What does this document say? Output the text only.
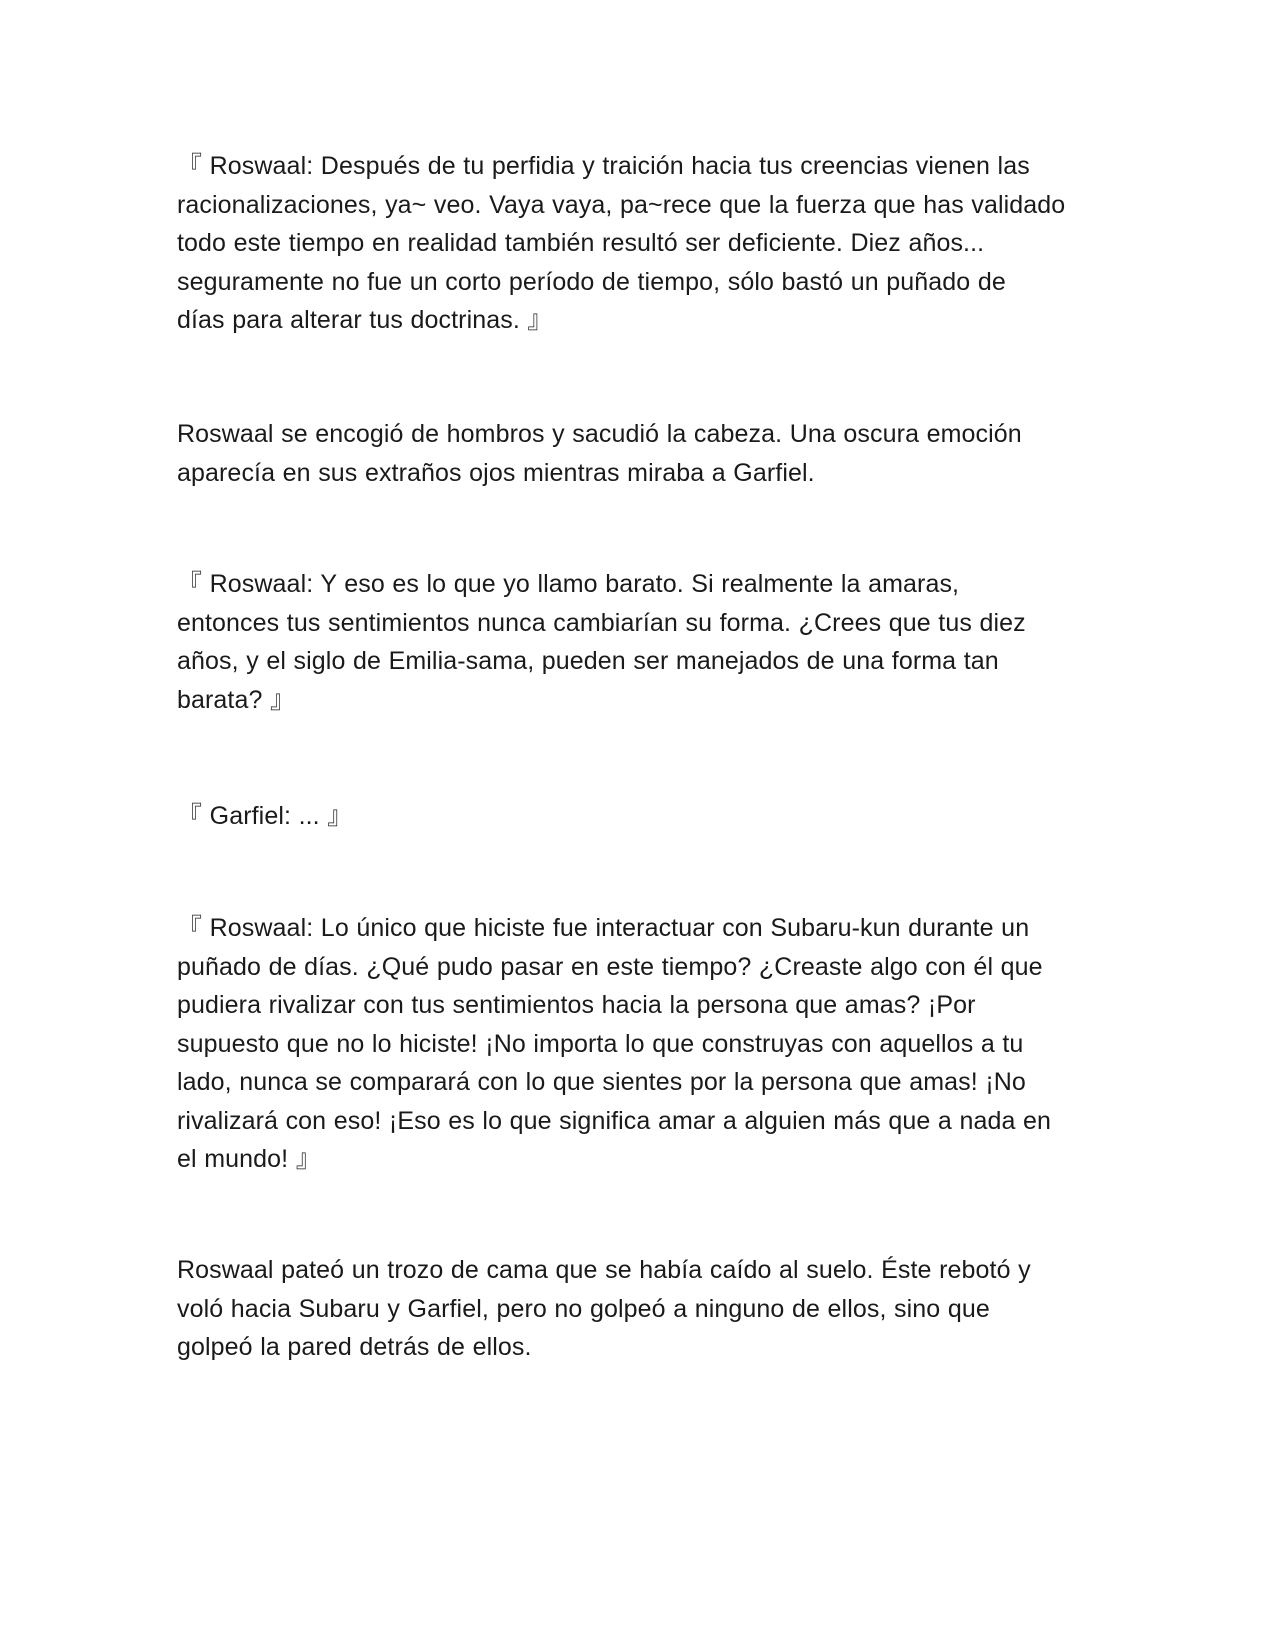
『 Roswaal: Después de tu perfidia y traición hacia tus creencias vienen las
racionalizaciones, ya~ veo. Vaya vaya, pa~rece que la fuerza que has validado
todo este tiempo en realidad también resultó ser deficiente. Diez años...
seguramente no fue un corto período de tiempo, sólo bastó un puñado de
días para alterar tus doctrinas. 』

Roswaal se encogió de hombros y sacudió la cabeza. Una oscura emoción
aparecía en sus extraños ojos mientras miraba a Garfiel.

『 Roswaal: Y eso es lo que yo llamo barato. Si realmente la amaras,
entonces tus sentimientos nunca cambiarían su forma. ¿Crees que tus diez
años, y el siglo de Emilia-sama, pueden ser manejados de una forma tan
barata? 』

『 Garfiel: ... 』

『 Roswaal: Lo único que hiciste fue interactuar con Subaru-kun durante un
puñado de días. ¿Qué pudo pasar en este tiempo? ¿Creaste algo con él que
pudiera rivalizar con tus sentimientos hacia la persona que amas? ¡Por
supuesto que no lo hiciste! ¡No importa lo que construyas con aquellos a tu
lado, nunca se comparará con lo que sientes por la persona que amas! ¡No
rivalizará con eso! ¡Eso es lo que significa amar a alguien más que a nada en
el mundo! 』

Roswaal pateó un trozo de cama que se había caído al suelo. Éste rebotó y
voló hacia Subaru y Garfiel, pero no golpeó a ninguno de ellos, sino que
golpeó la pared detrás de ellos.
